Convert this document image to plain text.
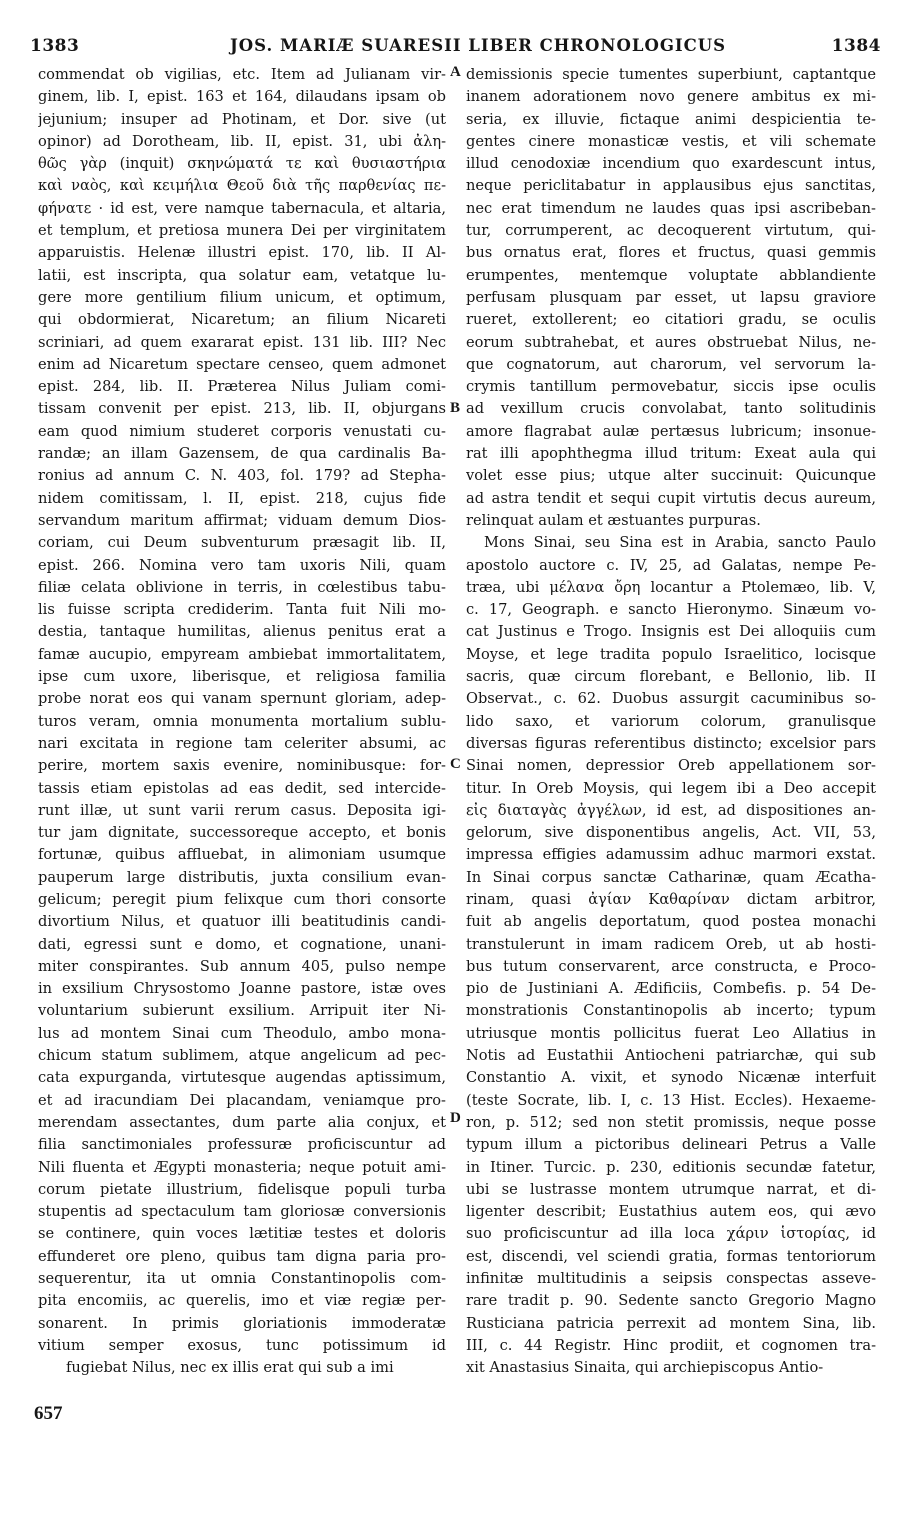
1383	JOS. MARIÆ SUARESII LIBER CHRONOLOGICUS	1384
commendat ob vigilias, etc. Item ad Julianam vir-
ginem, lib. I, epist. 163 et 164, dilaudans ipsam ob
jejunium; insuper ad Photinam, et Dor. sive (ut
opinor) ad Dorotheam, lib. II, epist. 31, ubi ἀλη-
θῶς γὰρ (inquit) σκηνώματά τε καὶ θυσιαστήρια
καὶ ναὸς, καὶ κειμήλια Θεοῦ διὰ τῆς παρθενίας πε-
φήνατε · id est, vere namque tabernacula, et altaria,
et templum, et pretiosa munera Dei per virginitatem
apparuistis. Helenæ illustri epist. 170, lib. II Al-
latii, est inscripta, qua solatur eam, vetatque lu-
gere more gentilium filium unicum, et optimum,
qui obdormierat, Nicaretum; an filium Nicareti
scriniari, ad quem exararat epist. 131 lib. III? Nec
enim ad Nicaretum spectare censeo, quem admonet
epist. 284, lib. II. Præterea Nilus Juliam comi-
tissam convenit per epist. 213, lib. II, objurgans
eam quod nimium studeret corporis venustati cu-
randæ; an illam Gazensem, de qua cardinalis Ba-
ronius ad annum C. N. 403, fol. 179? ad Stepha-
nidem comitissam, l. II, epist. 218, cujus fide
servandum maritum affirmat; viduam demum Dios-
coriam, cui Deum subventurum præsagit lib. II,
epist. 266. Nomina vero tam uxoris Nili, quam
filiæ celata oblivione in terris, in cœlestibus tabu-
lis fuisse scripta crediderim. Tanta fuit Nili mo-
destia, tantaque humilitas, alienus penitus erat a
famæ aucupio, empyream ambiebat immortalitatem,
ipse cum uxore, liberisque, et religiosa familia
probe norat eos qui vanam spernunt gloriam, adep-
turos veram, omnia monumenta mortalium sublu-
nari excitata in regione tam celeriter absumi, ac
perire, mortem saxis evenire, nominibusque: for-
tassis etiam epistolas ad eas dedit, sed intercide-
runt illæ, ut sunt varii rerum casus. Deposita igi-
tur jam dignitate, successoreque accepto, et bonis
fortunæ, quibus affluebat, in alimoniam usumque
pauperum large distributis, juxta consilium evan-
gelicum; peregit pium felixque cum thori consorte
divortium Nilus, et quatuor illi beatitudinis candi-
dati, egressi sunt e domo, et cognatione, unani-
miter conspirantes. Sub annum 405, pulso nempe
in exsilium Chrysostomo Joanne pastore, istæ oves
voluntarium subierunt exsilium. Arripuit iter Ni-
lus ad montem Sinai cum Theodulo, ambo mona-
chicum statum sublimem, atque angelicum ad pec-
cata expurganda, virtutesque augendas aptissimum,
et ad iracundiam Dei placandam, veniamque pro-
merendam assectantes, dum parte alia conjux, et
filia sanctimoniales professuræ proficiscuntur ad
Nili fluenta et Ægypti monasteria; neque potuit ami-
corum pietate illustrium, fidelisque populi turba
stupentis ad spectaculum tam gloriosæ conversionis
se continere, quin voces lætitiæ testes et doloris
effunderet ore pleno, quibus tam digna paria pro-
sequerentur, ita ut omnia Constantinopolis com-
pita encomiis, ac querelis, imo et viæ regiæ per-
sonarent. In primis gloriationis immoderatæ
vitium semper exosus, tunc potissimum id
fugiebat Nilus, nec ex illis erat qui sub a imi
demissionis specie tumentes superbiunt, captantque
inanem adorationem novo genere ambitus ex mi-
seria, ex illuvie, fictaque animi despicientia te-
gentes cinere monasticæ vestis, et vili schemate
illud cenodoxiæ incendium quo exardescunt intus,
neque periclitabatur in applausibus ejus sanctitas,
nec erat timendum ne laudes quas ipsi ascribeban-
tur, corrumperent, ac decoquerent virtutum, qui-
bus ornatus erat, flores et fructus, quasi gemmis
erumpentes, mentemque voluptate abblandiente
perfusam plusquam par esset, ut lapsu graviore
rueret, extollerent; eo citatiori gradu, se oculis
eorum subtrahebat, et aures obstruebat Nilus, ne-
que cognatorum, aut charorum, vel servorum la-
crymis tantillum permovebatur, siccis ipse oculis
ad vexillum crucis convolabat, tanto solitudinis
amore flagrabat aulæ pertæsus lubricum; insonue-
rat illi apophthegma illud tritum: Exeat aula qui
volet esse pius; utque alter succinuit: Quicunque
ad astra tendit et sequi cupit virtutis decus aureum,
relinquat aulam et æstuantes purpuras.
Mons Sinai, seu Sina est in Arabia, sancto Paulo
apostolo auctore c. IV, 25, ad Galatas, nempe Pe-
træa, ubi μέλανα ὄρη locantur a Ptolemæo, lib. V,
c. 17, Geograph. e sancto Hieronymo. Sinæum vo-
cat Justinus e Trogo. Insignis est Dei alloquiis cum
Moyse, et lege tradita populo Israelitico, locisque
sacris, quæ circum florebant, e Bellonio, lib. II
Observat., c. 62. Duobus assurgit cacuminibus so-
lido saxo, et variorum colorum, granulisque
diversas figuras referentibus distincto; excelsior pars
Sinai nomen, depressior Oreb appellationem sor-
titur. In Oreb Moysis, qui legem ibi a Deo accepit
εἰς διαταγὰς ἀγγέλων, id est, ad dispositiones an-
gelorum, sive disponentibus angelis, Act. VII, 53,
impressa effigies adamussim adhuc marmori exstat.
In Sinai corpus sanctæ Catharinæ, quam Æcatha-
rinam, quasi ἀγίαν Καθαρίναν dictam arbitror,
fuit ab angelis deportatum, quod postea monachi
transtulerunt in imam radicem Oreb, ut ab hosti-
bus tutum conservarent, arce constructa, e Proco-
pio de Justiniani A. Ædificiis, Combefis. p. 54 De-
monstrationis Constantinopolis ab incerto; typum
utriusque montis pollicitus fuerat Leo Allatius in
Notis ad Eustathii Antiocheni patriarchæ, qui sub
Constantio A. vixit, et synodo Nicænæ interfuit
(teste Socrate, lib. I, c. 13 Hist. Eccles). Hexaeme-
ron, p. 512; sed non stetit promissis, neque posse
typum illum a pictoribus delineari Petrus a Valle
in Itiner. Turcic. p. 230, editionis secundæ fatetur,
ubi se lustrasse montem utrumque narrat, et di-
ligenter describit; Eustathius autem eos, qui ævo
suo proficiscuntur ad illa loca χάριν ἱστορίας, id
est, discendi, vel sciendi gratia, formas tentoriorum
infinitæ multitudinis a seipsis conspectas asseve-
rare tradit p. 90. Sedente sancto Gregorio Magno
Rusticiana patricia perrexit ad montem Sina, lib.
III, c. 44 Registr. Hinc prodiit, et cognomen tra-
xit Anastasius Sinaita, qui archiepiscopus Antio-
A
B
C
D
657
